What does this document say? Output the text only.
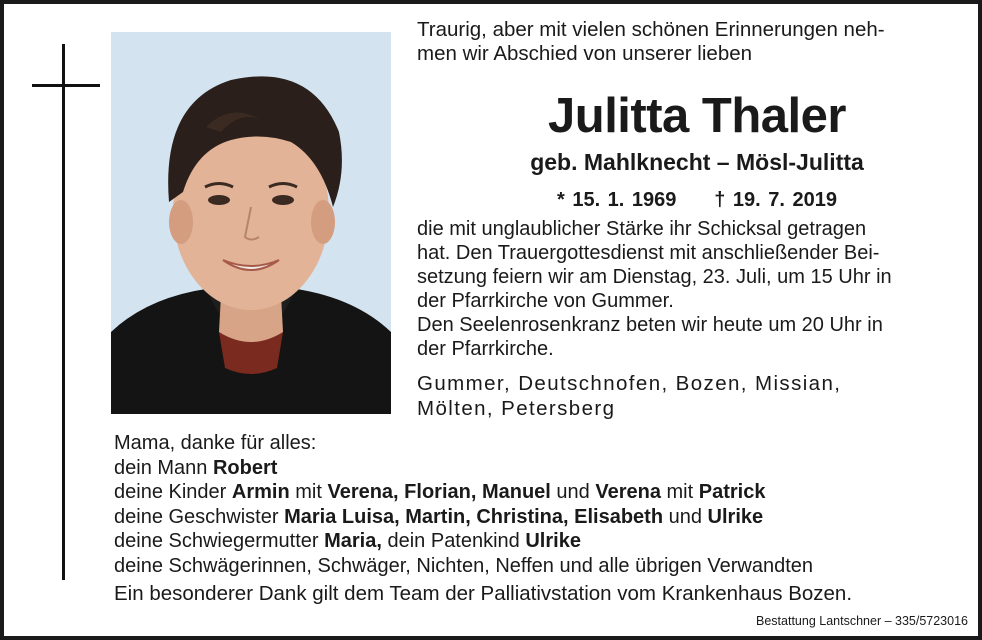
Traurig, aber mit vielen schönen Erinnerungen neh-
men wir Abschied von unserer lieben
Julitta Thaler
geb. Mahlknecht – Mösl-Julitta
* 15. 1. 1969 † 19. 7. 2019
die mit unglaublicher Stärke ihr Schicksal getragen
hat. Den Trauergottesdienst mit anschließender Bei-
setzung feiern wir am Dienstag, 23. Juli, um 15 Uhr in
der Pfarrkirche von Gummer.
Den Seelenrosenkranz beten wir heute um 20 Uhr in
der Pfarrkirche.
Gummer, Deutschnofen, Bozen, Missian,
Mölten, Petersberg
Mama, danke für alles:
dein Mann Robert
deine Kinder Armin mit Verena, Florian, Manuel und Verena mit Patrick
deine Geschwister Maria Luisa, Martin, Christina, Elisabeth und Ulrike
deine Schwiegermutter Maria, dein Patenkind Ulrike
deine Schwägerinnen, Schwäger, Nichten, Neffen und alle übrigen Verwandten
Ein besonderer Dank gilt dem Team der Palliativstation vom Krankenhaus Bozen.
Bestattung Lantschner – 335/5723016
